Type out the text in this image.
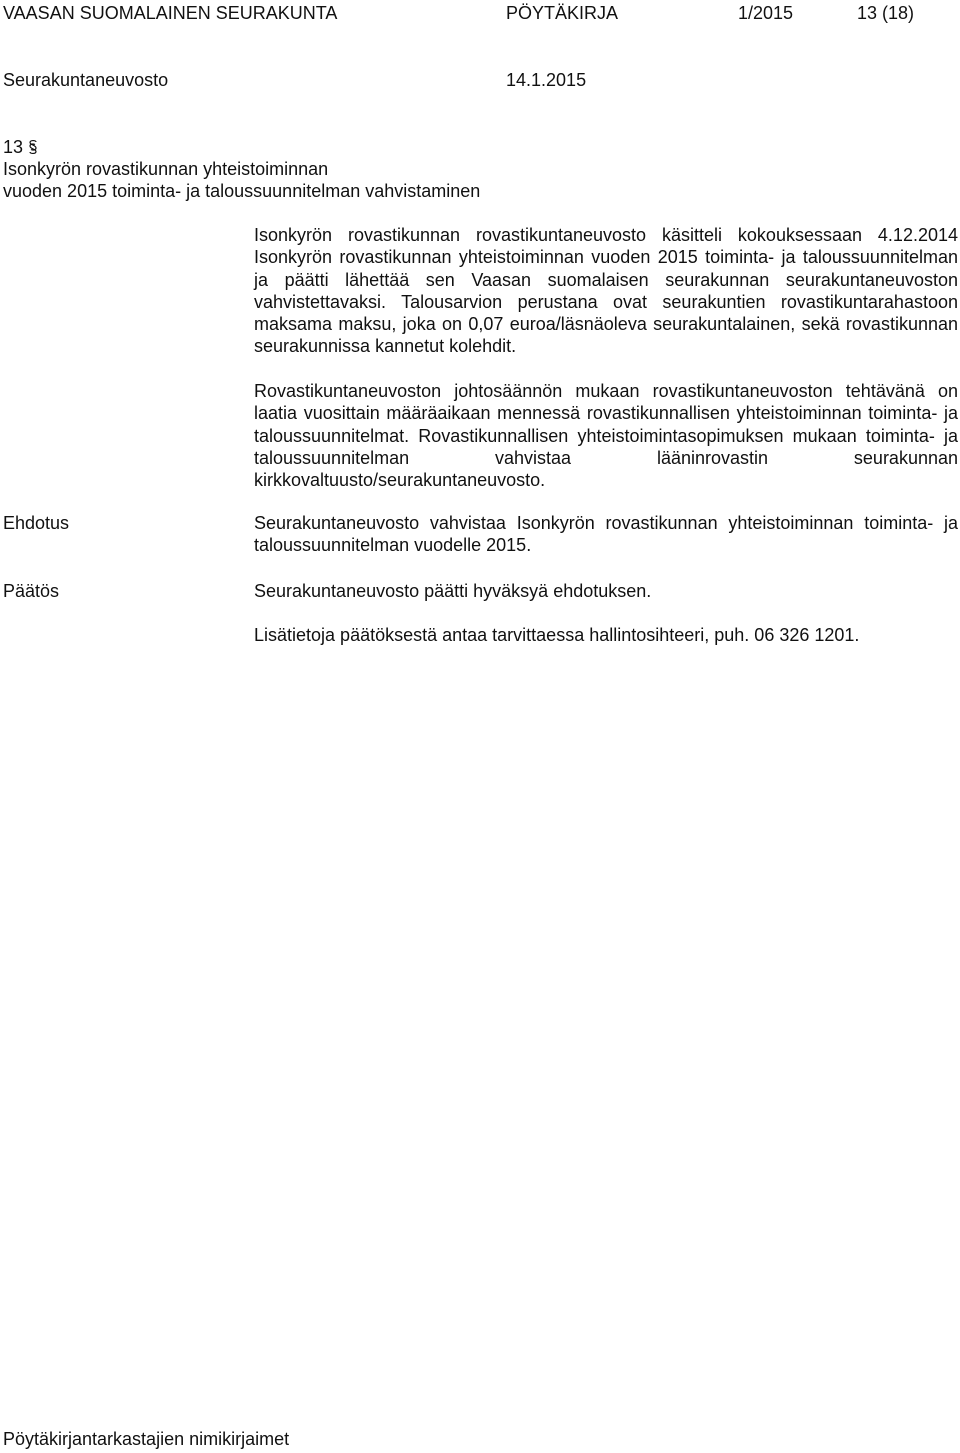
VAASAN SUOMALAINEN SEURAKUNTA	PÖYTÄKIRJA	1/2015	13 (18)
Seurakuntaneuvosto	14.1.2015
13
Isonkyrön rovastikunnan yhteistoiminnan
vuoden 2015 toiminta- ja taloussuunnitelman vahvistaminen

Isonkyrön rovastikunnan rovastikuntaneuvosto käsitteli kokouksessaan 4.12.2014 Isonkyrön rovastikunnan yhteistoiminnan vuoden 2015 toiminta- ja taloussuunnitelman ja päätti lähettää sen Vaasan suomalaisen seurakunnan seurakuntaneuvoston vahvistettavaksi. Talousarvion perustana ovat seurakuntien rovastikuntarahastoon maksama maksu, joka on 0,07 euroa/läsnäoleva seurakuntalainen, sekä rovastikunnan seurakunnissa kannetut kolehdit.

Rovastikuntaneuvoston johtosäännön mukaan rovastikuntaneuvoston tehtävänä on laatia vuosittain määräaikaan mennessä rovastikunnallisen yhteistoiminnan toiminta- ja taloussuunnitelmat. Rovastikunnallisen yhteistoimintasopimuksen mukaan toiminta- ja taloussuunnitelman vahvistaa lääninrovastin seurakunnan kirkkovaltuusto/seurakuntaneuvosto.

Ehdotus	Seurakuntaneuvosto vahvistaa Isonkyrön rovastikunnan yhteistoiminnan toiminta- ja taloussuunnitelman vuodelle 2015.

Päätös	Seurakuntaneuvosto päätti hyväksyä ehdotuksen.

Lisätietoja päätöksestä antaa tarvittaessa hallintosihteeri, puh. 06 326 1201.

Pöytäkirjantarkastajien nimikirjaimet
